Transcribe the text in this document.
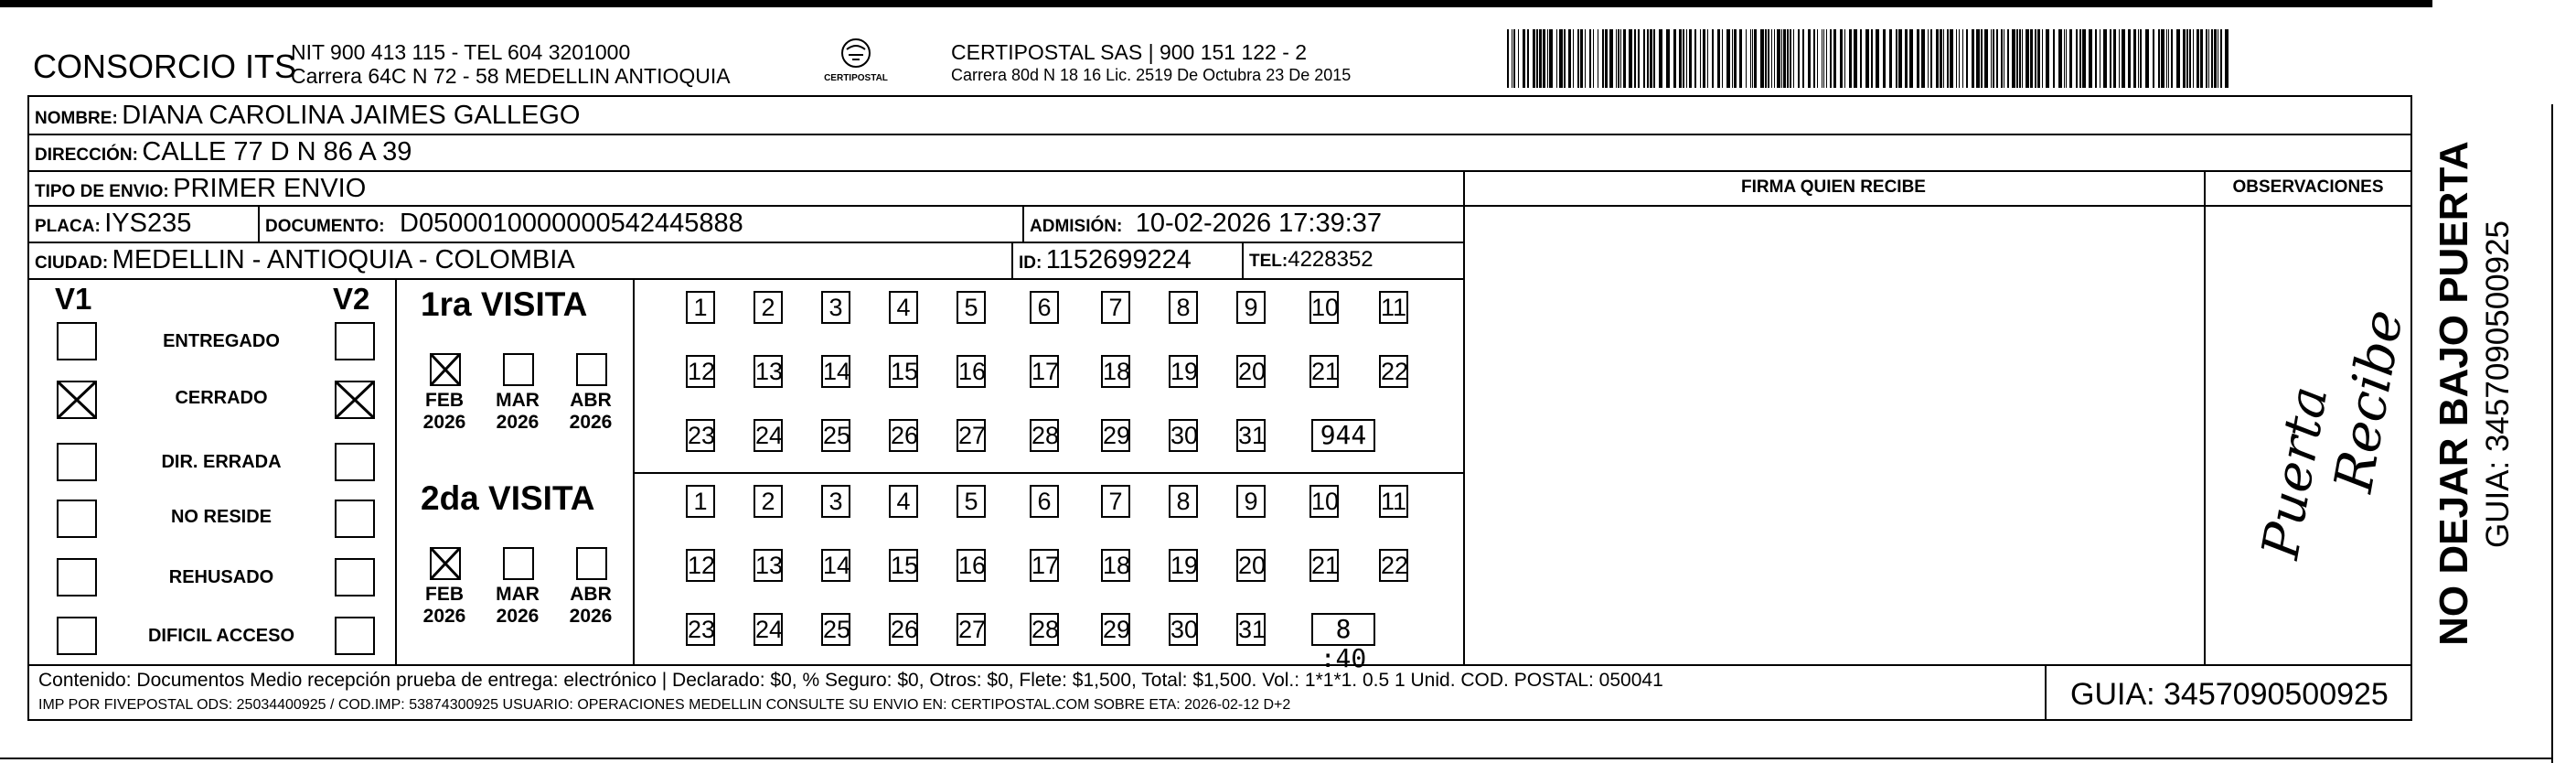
CONSORCIO ITS
NIT 900 413 115 - TEL 604 3201000
Carrera 64C N 72 - 58 MEDELLIN ANTIOQUIA	CERTIPOSTAL
CERTIPOSTAL SAS | 900 151 122 - 2
Carrera 80d N 18 16 Lic. 2519 De Octubra 23 De 2015
NOMBRE: DIANA CAROLINA JAIMES GALLEGO
DIRECCIÓN: CALLE 77 D N 86 A 39
TIPO DE ENVIO: PRIMER ENVIO	FIRMA QUIEN RECIBE	OBSERVACIONES
PLACA: IYS235	DOCUMENTO: D0500010000000542445888	ADMISIÓN: 10-02-2026 17:39:37
CIUDAD: MEDELLIN - ANTIOQUIA - COLOMBIA	ID: 1152699224	TEL:4228352
V1	V2
ENTREGADO
CERRADO
DIR. ERRADA
NO RESIDE
REHUSADO
DIFICIL ACCESO
1ra VISITA
FEB
2026
MAR
2026
ABR
2026
1	2	3	4	5	6	7	8	9	10 11
12 13 14 15 16 17 18 19 20 21 22
23 24 25 26 27 28 29 30 31	944
2da VISITA
FEB
2026
MAR
2026
ABR
2026
1	2	3	4	5	6	7	8	9	10 11
12 13 14 15 16 17 18 19 20 21 22
23 24 25 26 27 28 29 30 31	8 :40
Puerta
Recibe
Contenido: Documentos Medio recepción prueba de entrega: electrónico | Declarado: $0, % Seguro: $0, Otros: $0, Flete: $1,500, Total: $1,500. Vol.: 1*1*1. 0.5 1 Unid. COD. POSTAL: 050041
IMP POR FIVEPOSTAL ODS: 25034400925 / COD.IMP: 53874300925 USUARIO: OPERACIONES MEDELLIN CONSULTE SU ENVIO EN: CERTIPOSTAL.COM SOBRE ETA: 2026-02-12 D+2	GUIA: 3457090500925
NO DEJAR BAJO PUERTA GUIA: 3457090500925
